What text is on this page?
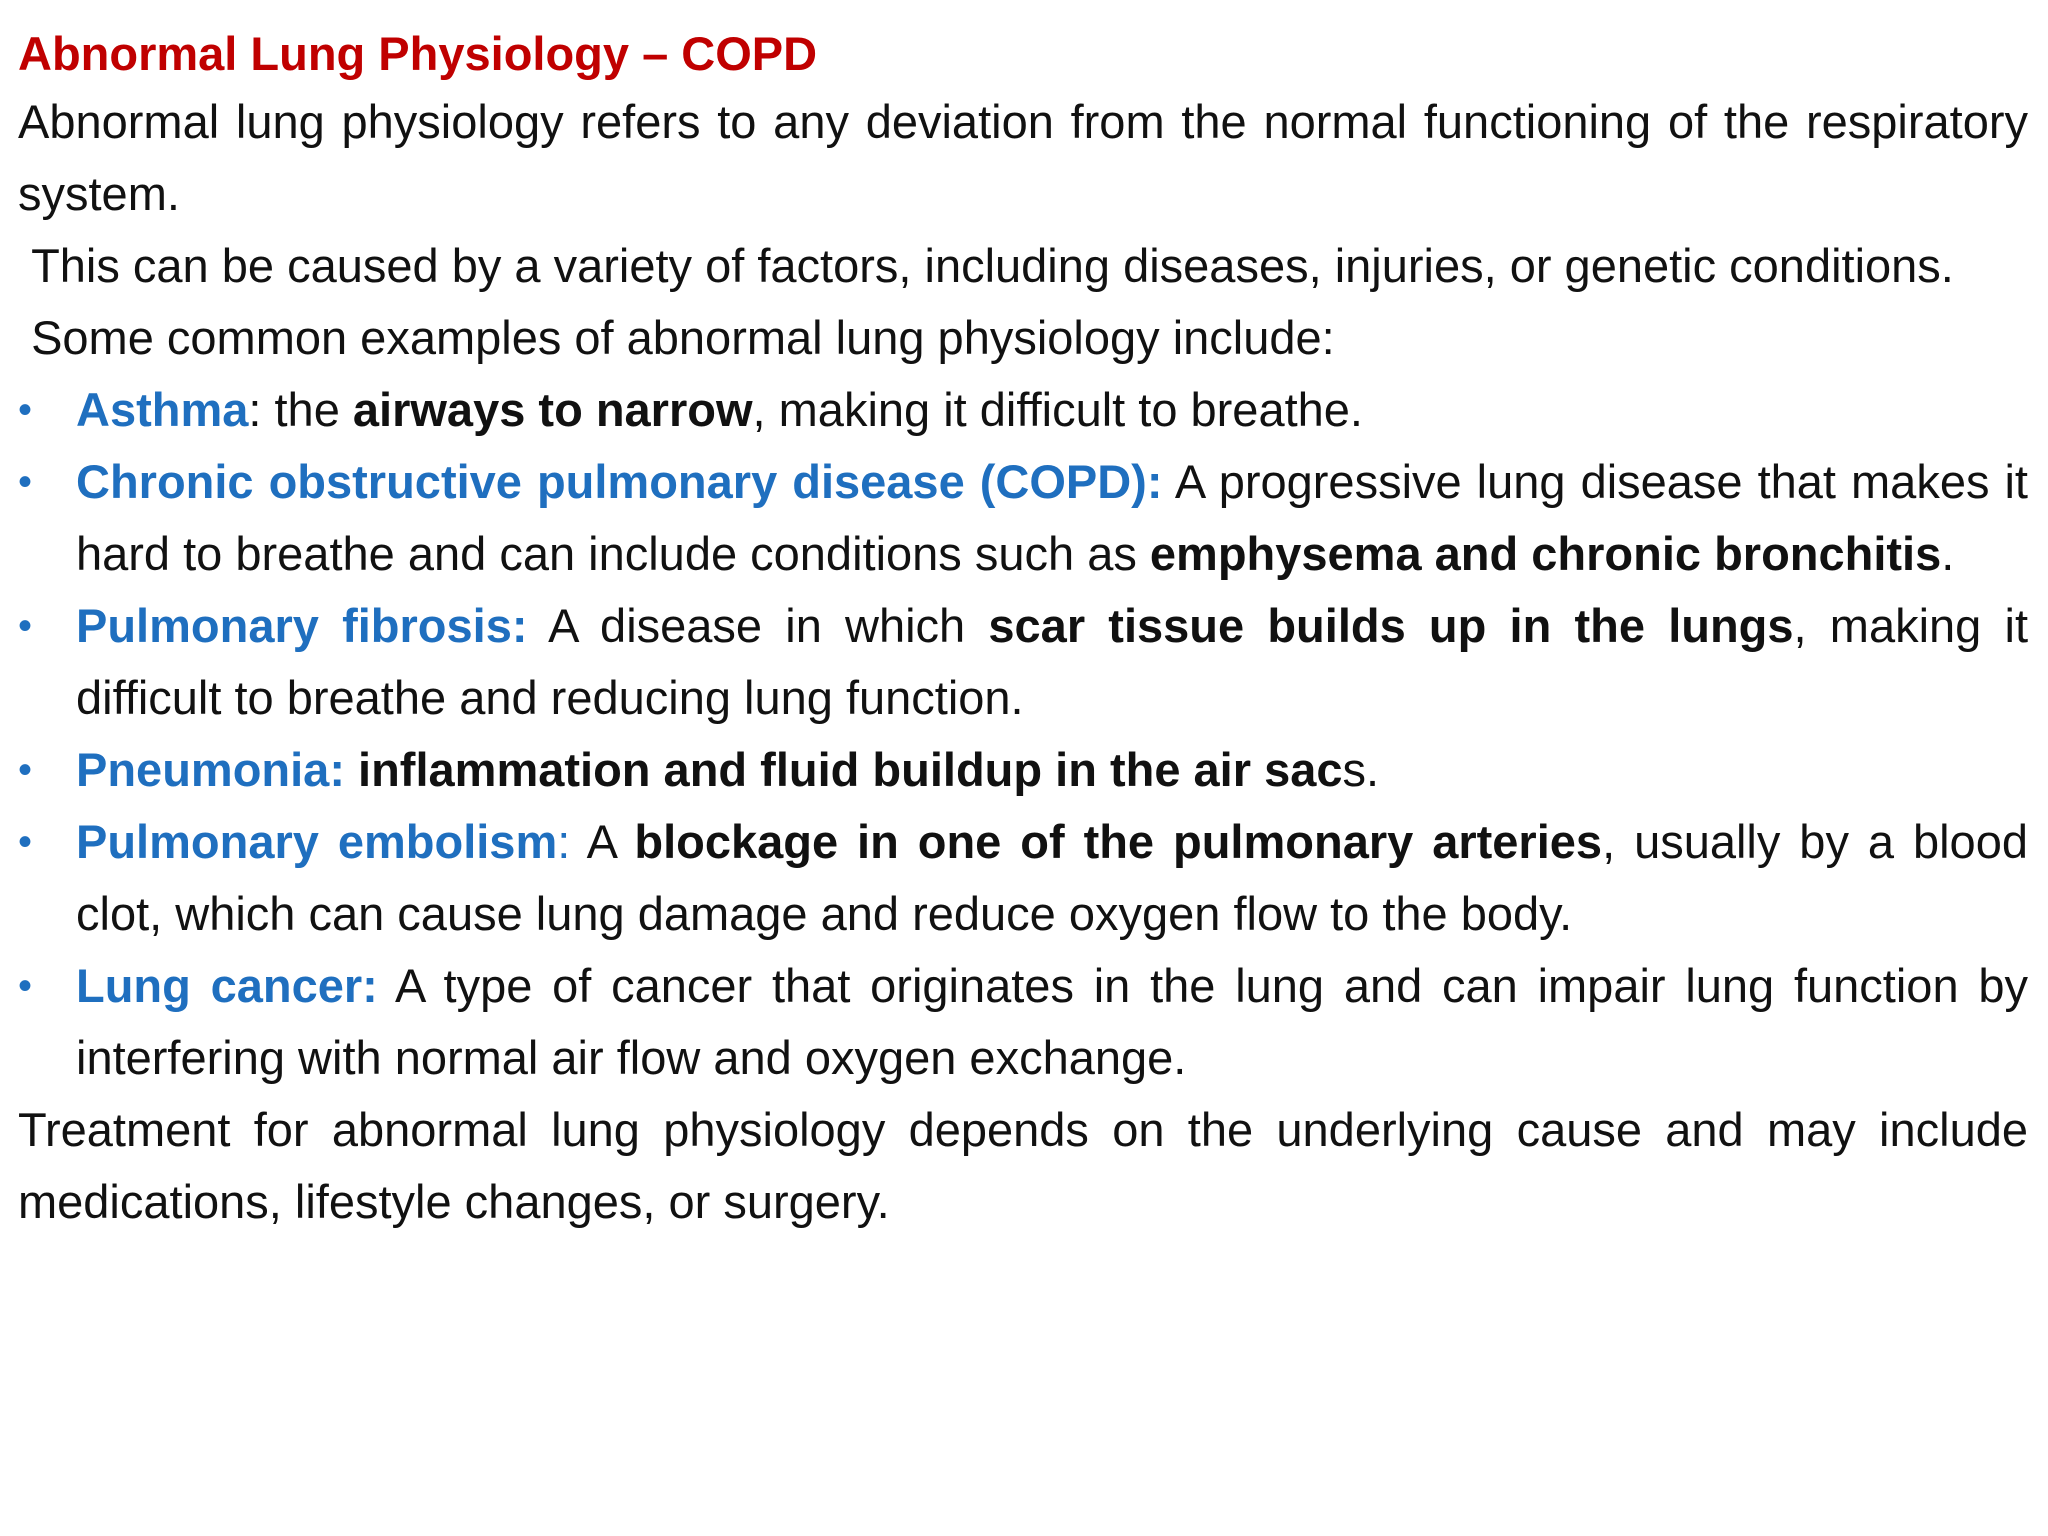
Abnormal Lung Physiology – COPD

Abnormal lung physiology refers to any deviation from the normal functioning of the respiratory system.

This can be caused by a variety of factors, including diseases, injuries, or genetic conditions.

Some common examples of abnormal lung physiology include:

• Asthma: the airways to narrow, making it difficult to breathe.
• Chronic obstructive pulmonary disease (COPD): A progressive lung disease that makes it hard to breathe and can include conditions such as emphysema and chronic bronchitis.
• Pulmonary fibrosis: A disease in which scar tissue builds up in the lungs, making it difficult to breathe and reducing lung function.
• Pneumonia: inflammation and fluid buildup in the air sacs.
• Pulmonary embolism: A blockage in one of the pulmonary arteries, usually by a blood clot, which can cause lung damage and reduce oxygen flow to the body.
• Lung cancer: A type of cancer that originates in the lung and can impair lung function by interfering with normal air flow and oxygen exchange.

Treatment for abnormal lung physiology depends on the underlying cause and may include medications, lifestyle changes, or surgery.
